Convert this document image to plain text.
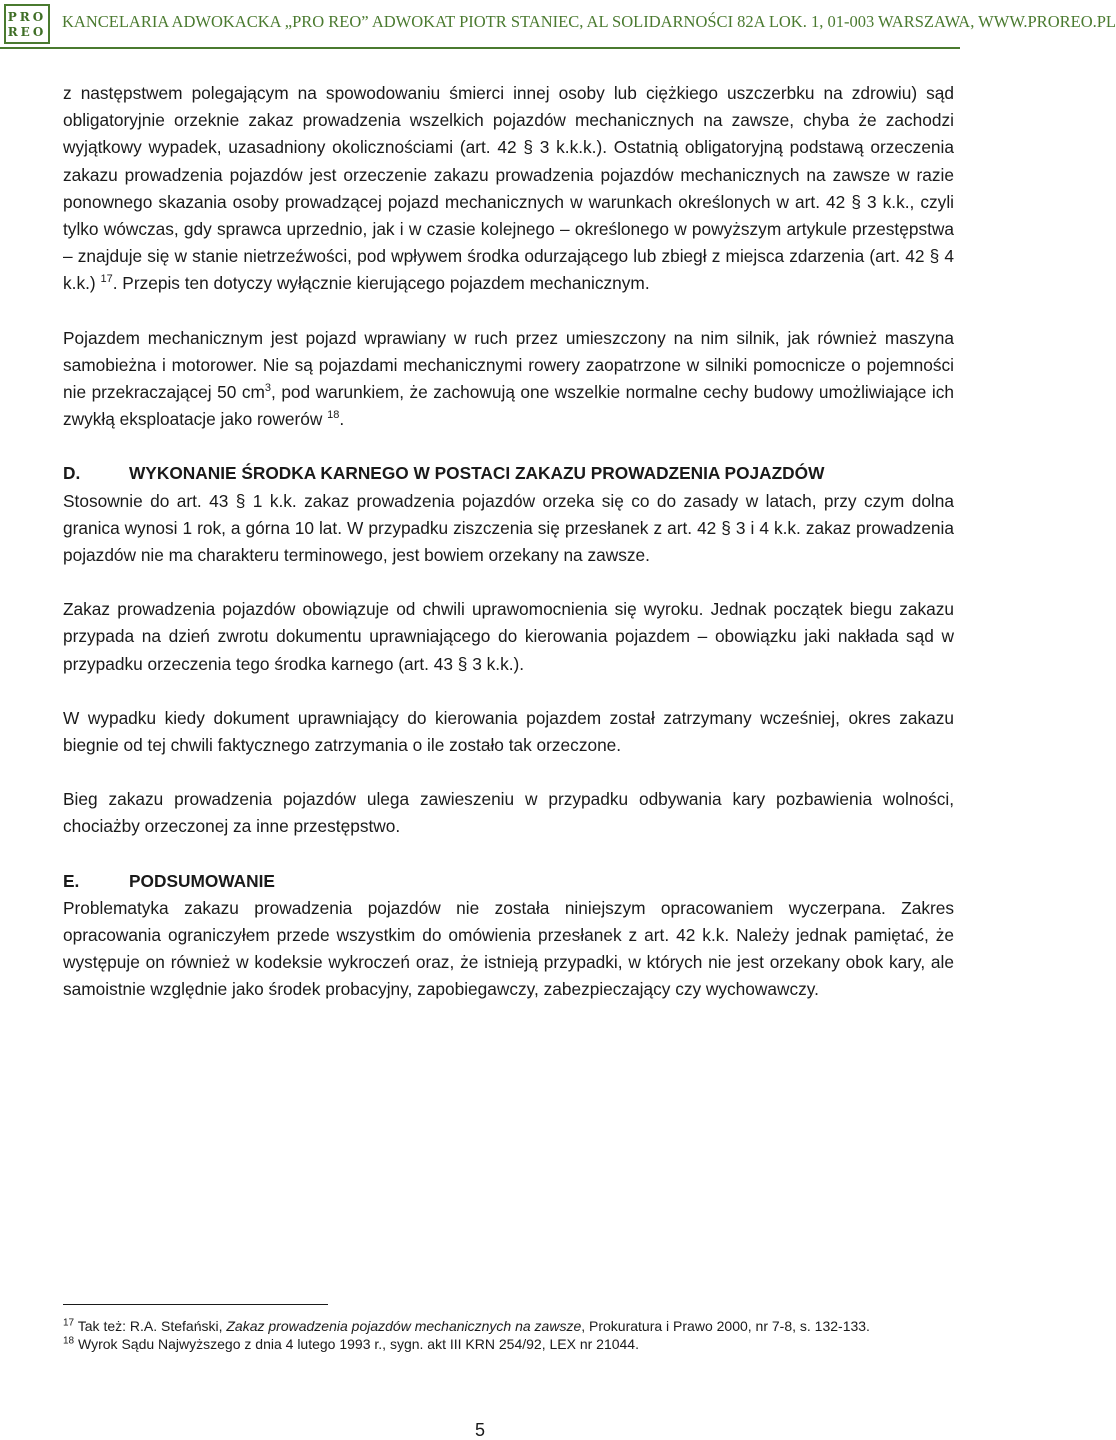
PRO
REO
KANCELARIA ADWOKACKA „PRO REO” ADWOKAT PIOTR STANIEC, AL SOLIDARNOŚCI 82A LOK. 1, 01-003 WARSZAWA, WWW.PROREO.PL

z następstwem polegającym na spowodowaniu śmierci innej osoby lub ciężkiego uszczerbku na zdrowiu) sąd obligatoryjnie orzeknie zakaz prowadzenia wszelkich pojazdów mechanicznych na zawsze, chyba że zachodzi wyjątkowy wypadek, uzasadniony okolicznościami (art. 42 § 3 k.k.k.). Ostatnią obligatoryjną podstawą orzeczenia zakazu prowadzenia pojazdów jest orzeczenie zakazu prowadzenia pojazdów mechanicznych na zawsze w razie ponownego skazania osoby prowadzącej pojazd mechanicznych w warunkach określonych w art. 42 § 3 k.k., czyli tylko wówczas, gdy sprawca uprzednio, jak i w czasie kolejnego – określonego w powyższym artykule przestępstwa – znajduje się w stanie nietrzeźwości, pod wpływem środka odurzającego lub zbiegł z miejsca zdarzenia (art. 42 § 4 k.k.) $^{17}$. Przepis ten dotyczy wyłącznie kierującego pojazdem mechanicznym.

Pojazdem mechanicznym jest pojazd wprawiany w ruch przez umieszczony na nim silnik, jak również maszyna samobieżna i motorower. Nie są pojazdami mechanicznymi rowery zaopatrzone w silniki pomocnicze o pojemności nie przekraczającej 50 $cm^3$, pod warunkiem, że zachowują one wszelkie normalne cechy budowy umożliwiające ich zwykłą eksploatacje jako rowerów $^{18}$.

D.	WYKONANIE ŚRODKA KARNEGO W POSTACI ZAKAZU PROWADZENIA POJAZDÓW

Stosownie do art. 43 § 1 k.k. zakaz prowadzenia pojazdów orzeka się co do zasady w latach, przy czym dolna granica wynosi 1 rok, a górna 10 lat. W przypadku ziszczenia się przesłanek z art. 42 § 3 i 4 k.k. zakaz prowadzenia pojazdów nie ma charakteru terminowego, jest bowiem orzekany na zawsze.

Zakaz prowadzenia pojazdów obowiązuje od chwili uprawomocnienia się wyroku. Jednak początek biegu zakazu przypada na dzień zwrotu dokumentu uprawniającego do kierowania pojazdem – obowiązku jaki nakłada sąd w przypadku orzeczenia tego środka karnego (art. 43 § 3 k.k.).

W wypadku kiedy dokument uprawniający do kierowania pojazdem został zatrzymany wcześniej, okres zakazu biegnie od tej chwili faktycznego zatrzymania o ile zostało tak orzeczone.

Bieg zakazu prowadzenia pojazdów ulega zawieszeniu w przypadku odbywania kary pozbawienia wolności, chociażby orzeczonej za inne przestępstwo.

E.	PODSUMOWANIE

Problematyka zakazu prowadzenia pojazdów nie została niniejszym opracowaniem wyczerpana. Zakres opracowania ograniczyłem przede wszystkim do omówienia przesłanek z art. 42 k.k. Należy jednak pamiętać, że występuje on również w kodeksie wykroczeń oraz, że istnieją przypadki, w których nie jest orzekany obok kary, ale samoistnie względnie jako środek probacyjny, zapobiegawczy, zabezpieczający czy wychowawczy.

$^{17}$ Tak też: R.A. Stefański, Zakaz prowadzenia pojazdów mechanicznych na zawsze, Prokuratura i Prawo 2000, nr 7-8, s. 132-133.

$^{18}$ Wyrok Sądu Najwyższego z dnia 4 lutego 1993 r., sygn. akt III KRN 254/92, LEX nr 21044.

5
